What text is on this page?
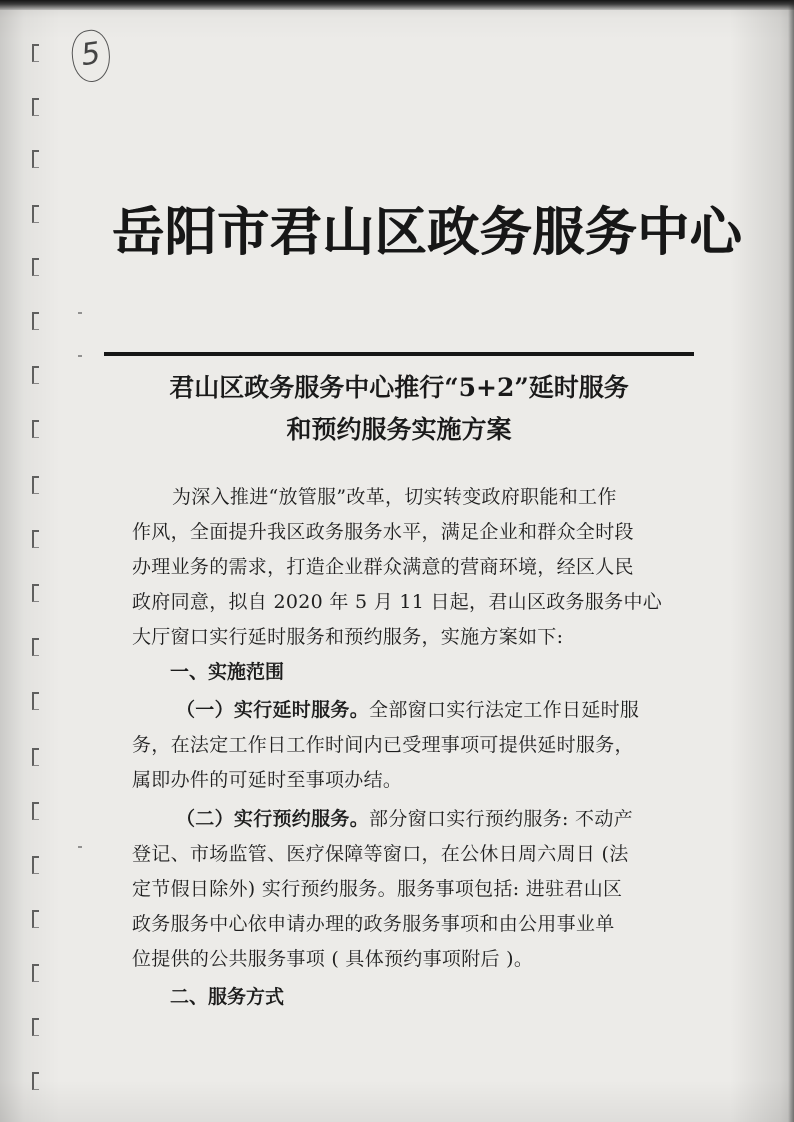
5
岳阳市君山区政务服务中心
君山区政务服务中心推行“5+2”延时服务
和预约服务实施方案

为深入推进“放管服”改革，切实转变政府职能和工作

作风，全面提升我区政务服务水平，满足企业和群众全时段

办理业务的需求，打造企业群众满意的营商环境，经区人民

政府同意，拟自 2020 年 5 月 11 日起，君山区政务服务中心

大厅窗口实行延时服务和预约服务，实施方案如下:

一、实施范围

（一）实行延时服务。全部窗口实行法定工作日延时服

务，在法定工作日工作时间内已受理事项可提供延时服务，

属即办件的可延时至事项办结。

（二）实行预约服务。部分窗口实行预约服务: 不动产

登记、市场监管、医疗保障等窗口，在公休日周六周日 (法

定节假日除外) 实行预约服务。服务事项包括: 进驻君山区

政务服务中心依申请办理的政务服务事项和由公用事业单

位提供的公共服务事项 ( 具体预约事项附后 )。

二、服务方式
